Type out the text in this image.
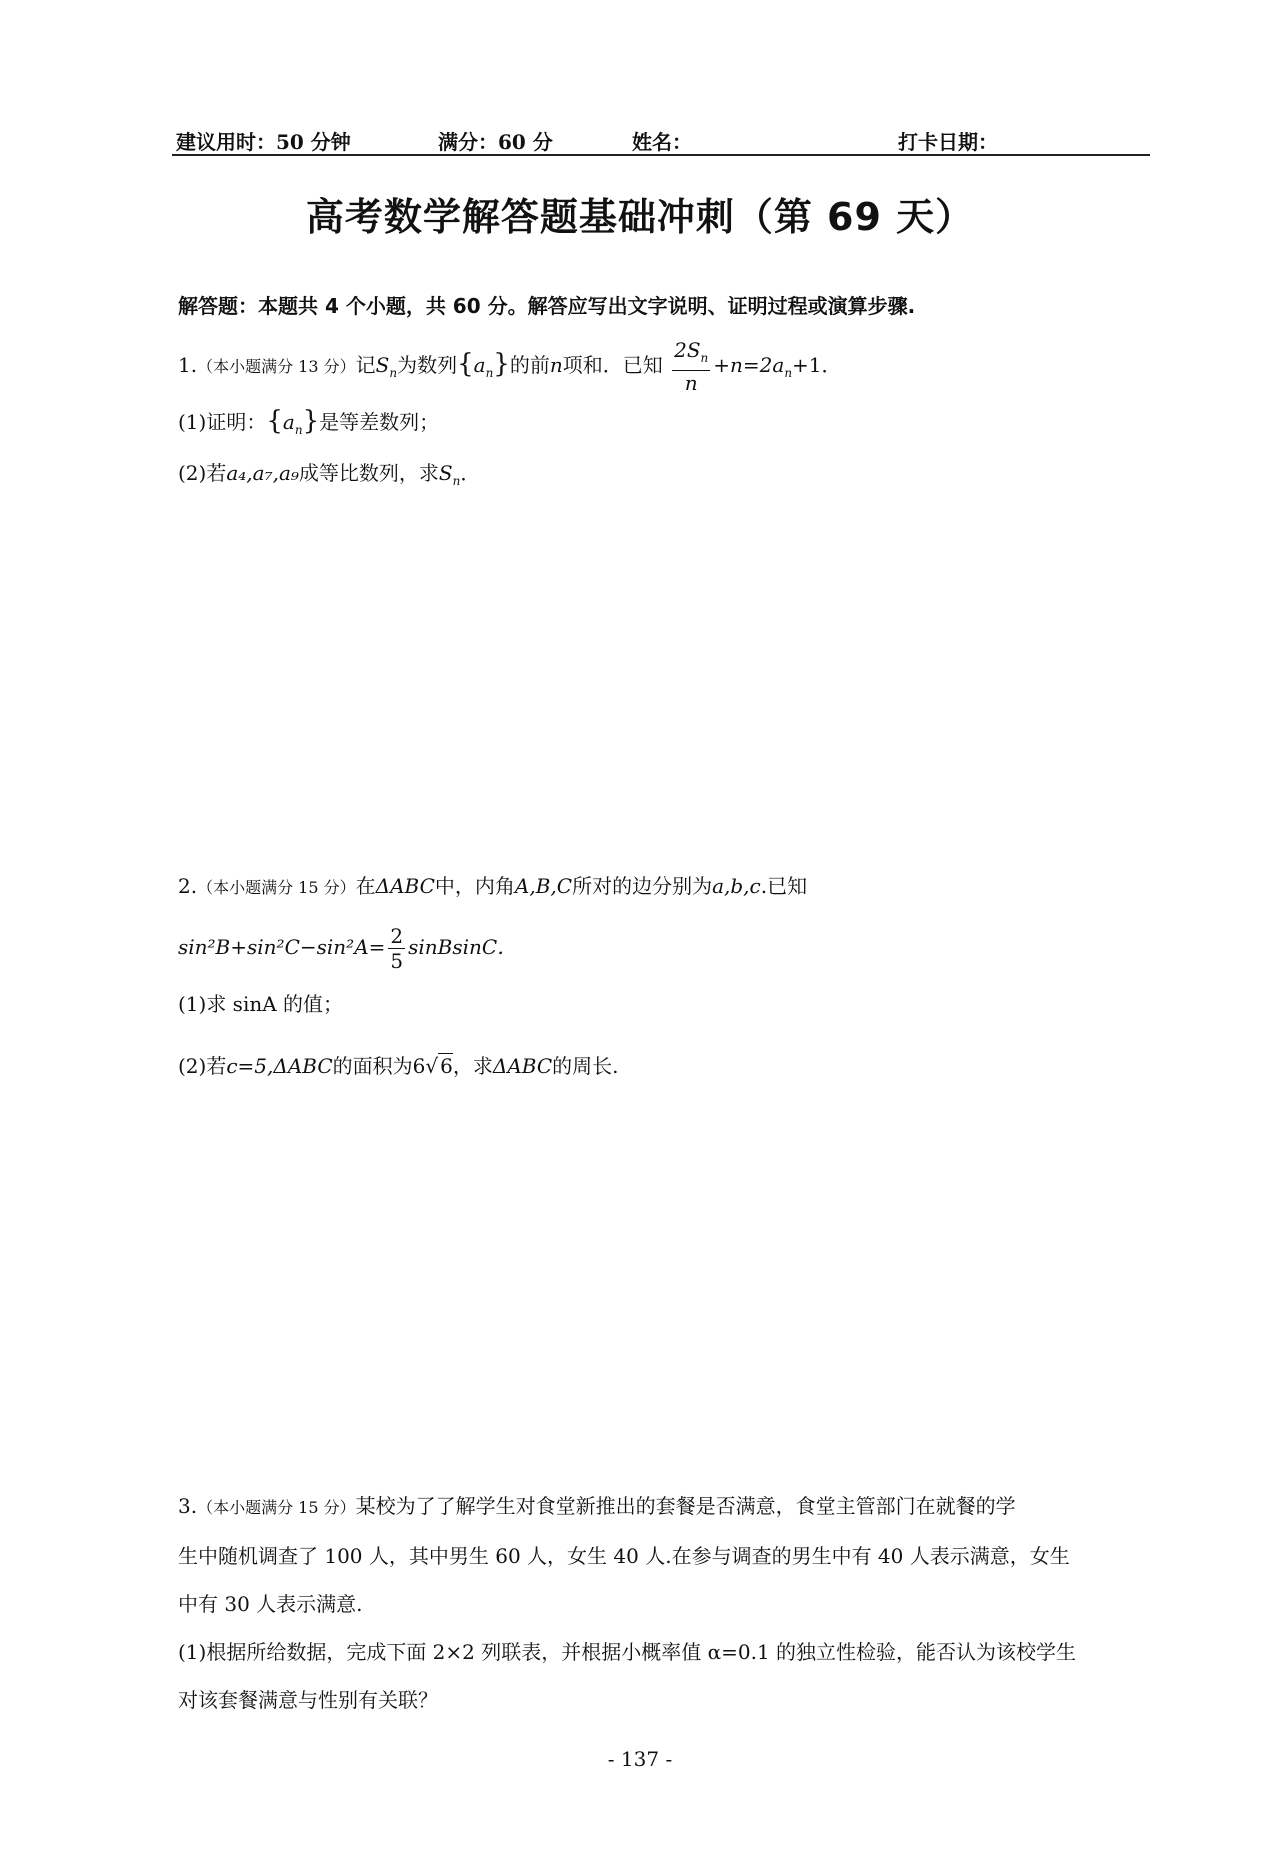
建议用时：50 分钟	满分：60 分	姓名：	打卡日期：
高考数学解答题基础冲刺（第 69 天）
解答题：本题共 4 个小题，共 60 分。解答应写出文字说明、证明过程或演算步骤.
1.（本小题满分 13 分）记$S_n$为数列$\{a_n\}$的前n项和．已知 $\frac{2S_n}{n} +n=2a_n+1$．
(1)证明：$\{a_n\}$是等差数列；
(2)若a₄,a₇,a₉成等比数列，求$S_n$．
2.（本小题满分 15 分）在ΔABC中，内角A,B,C所对的边分别为a,b,c.已知
$\sin^2B+\sin^2C-\sin^2A= \frac{2}{5}$ sinBsinC．
(1)求 sinA 的值；
(2)若c=5,ΔABC的面积为6√ 6，求ΔABC的周长.
3.（本小题满分 15 分）某校为了了解学生对食堂新推出的套餐是否满意，食堂主管部门在就餐的学
生中随机调查了 100 人，其中男生 60 人，女生 40 人.在参与调查的男生中有 40 人表示满意，女生
中有 30 人表示满意.
(1)根据所给数据，完成下面 2×2 列联表，并根据小概率值 α=0.1 的独立性检验，能否认为该校学生
对该套餐满意与性别有关联？
- 137 -
